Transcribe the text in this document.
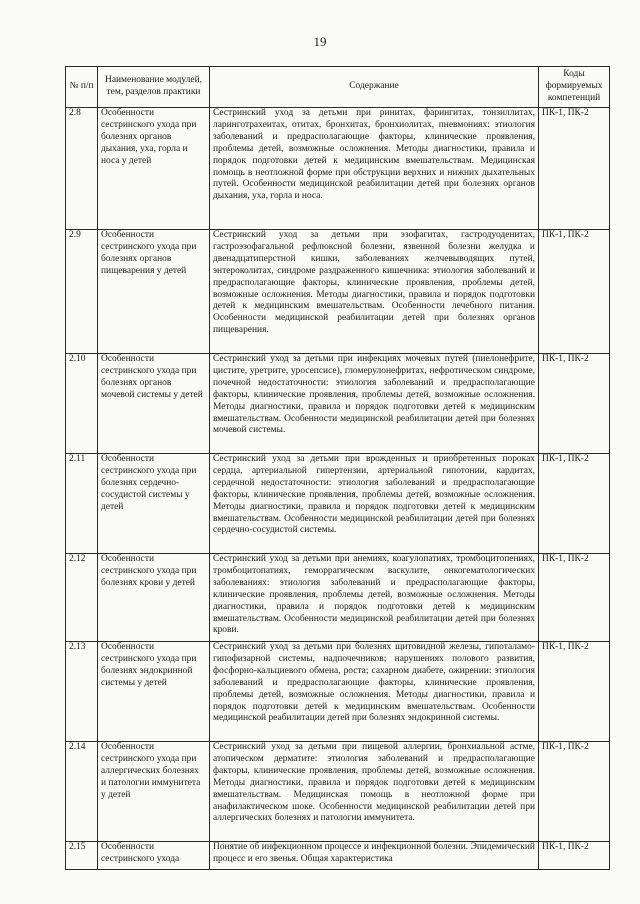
19
№ п/п	Наименование модулей, тем, разделов практики	Содержание	Коды формируемых компетенций
2.8	Особенности сестринского ухода при болезнях органов дыхания, уха, горла и носа у детей	Сестринский уход за детьми при ринитах, фарингитах, тонзиллитах, ларинготрахеитах, отитах, бронхитах, бронхиолитах, пневмониях: этиология заболеваний и предрасполагающие факторы, клинические проявления, проблемы детей, возможные осложнения. Методы диагностики, правила и порядок подготовки детей к медицинским вмешательствам. Медицинская помощь в неотложной форме при обструкции верхних и нижних дыхательных путей. Особенности медицинской реабилитации детей при болезнях органов дыхания, уха, горла и носа.	ПК-1, ПК-2
2.9	Особенности сестринского ухода при болезнях органов пищеварения у детей	Сестринский уход за детьми при эзофагитах, гастродуоденитах, гастроэзофагальной рефлюксной болезни, язвенной болезни желудка и двенадцатиперстной кишки, заболеваниях желчевыводящих путей, энтероколитах, синдроме раздраженного кишечника: этиология заболеваний и предрасполагающие факторы, клинические проявления, проблемы детей, возможные осложнения. Методы диагностики, правила и порядок подготовки детей к медицинским вмешательствам. Особенности лечебного питания. Особенности медицинской реабилитации детей при болезнях органов пищеварения.	ПК-1, ПК-2
2.10	Особенности сестринского ухода при болезнях органов мочевой системы у детей	Сестринский уход за детьми при инфекциях мочевых путей (пиелонефрите, цистите, уретрите, уросепсисе), гломерулонефритах, нефротическом синдроме, почечной недостаточности: этиология заболеваний и предрасполагающие факторы, клинические проявления, проблемы детей, возможные осложнения. Методы диагностики, правила и порядок подготовки детей к медицинским вмешательствам. Особенности медицинской реабилитации детей при болезнях мочевой системы.	ПК-1, ПК-2
2.11	Особенности сестринского ухода при болезнях сердечно-сосудистой системы у детей	Сестринский уход за детьми при врожденных и приобретенных пороках сердца, артериальной гипертензии, артериальной гипотонии, кардитах, сердечной недостаточности: этиология заболеваний и предрасполагающие факторы, клинические проявления, проблемы детей, возможные осложнения. Методы диагностики, правила и порядок подготовки детей к медицинским вмешательствам. Особенности медицинской реабилитации детей при болезнях сердечно-сосудистой системы.	ПК-1, ПК-2
2.12	Особенности сестринского ухода при болезнях крови у детей	Сестринский уход за детьми при анемиях, коагулопатиях, тромбоцитопениях, тромбоцитопатиях, геморрагическом васкулите, онкогематологических заболеваниях: этиология заболеваний и предрасполагающие факторы, клинические проявления, проблемы детей, возможные осложнения. Методы диагностики, правила и порядок подготовки детей к медицинским вмешательствам. Особенности медицинской реабилитации детей при болезнях крови.	ПК-1, ПК-2
2.13	Особенности сестринского ухода при болезнях эндокринной системы у детей	Сестринский уход за детьми при болезнях щитовидной железы, гипоталамо-гипофизарной системы, надпочечников; нарушениях полового развития, фосфорно-кальциевого обмена, роста; сахарном диабете, ожирении: этиология заболеваний и предрасполагающие факторы, клинические проявления, проблемы детей, возможные осложнения. Методы диагностики, правила и порядок подготовки детей к медицинским вмешательствам. Особенности медицинской реабилитации детей при болезнях эндокринной системы.	ПК-1, ПК-2
2.14	Особенности сестринского ухода при аллергических болезнях и патологии иммунитета у детей	Сестринский уход за детьми при пищевой аллергии, бронхиальной астме, атопическом дерматите: этиология заболеваний и предрасполагающие факторы, клинические проявления, проблемы детей, возможные осложнения. Методы диагностики, правила и порядок подготовки детей к медицинским вмешательствам. Медицинская помощь в неотложной форме при анафилактическом шоке. Особенности медицинской реабилитации детей при аллергических болезнях и патологии иммунитета.	ПК-1, ПК-2
2.15	Особенности сестринского ухода	Понятие об инфекционном процессе и инфекционной болезни. Эпидемический процесс и его звенья. Общая характеристика	ПК-1, ПК-2
